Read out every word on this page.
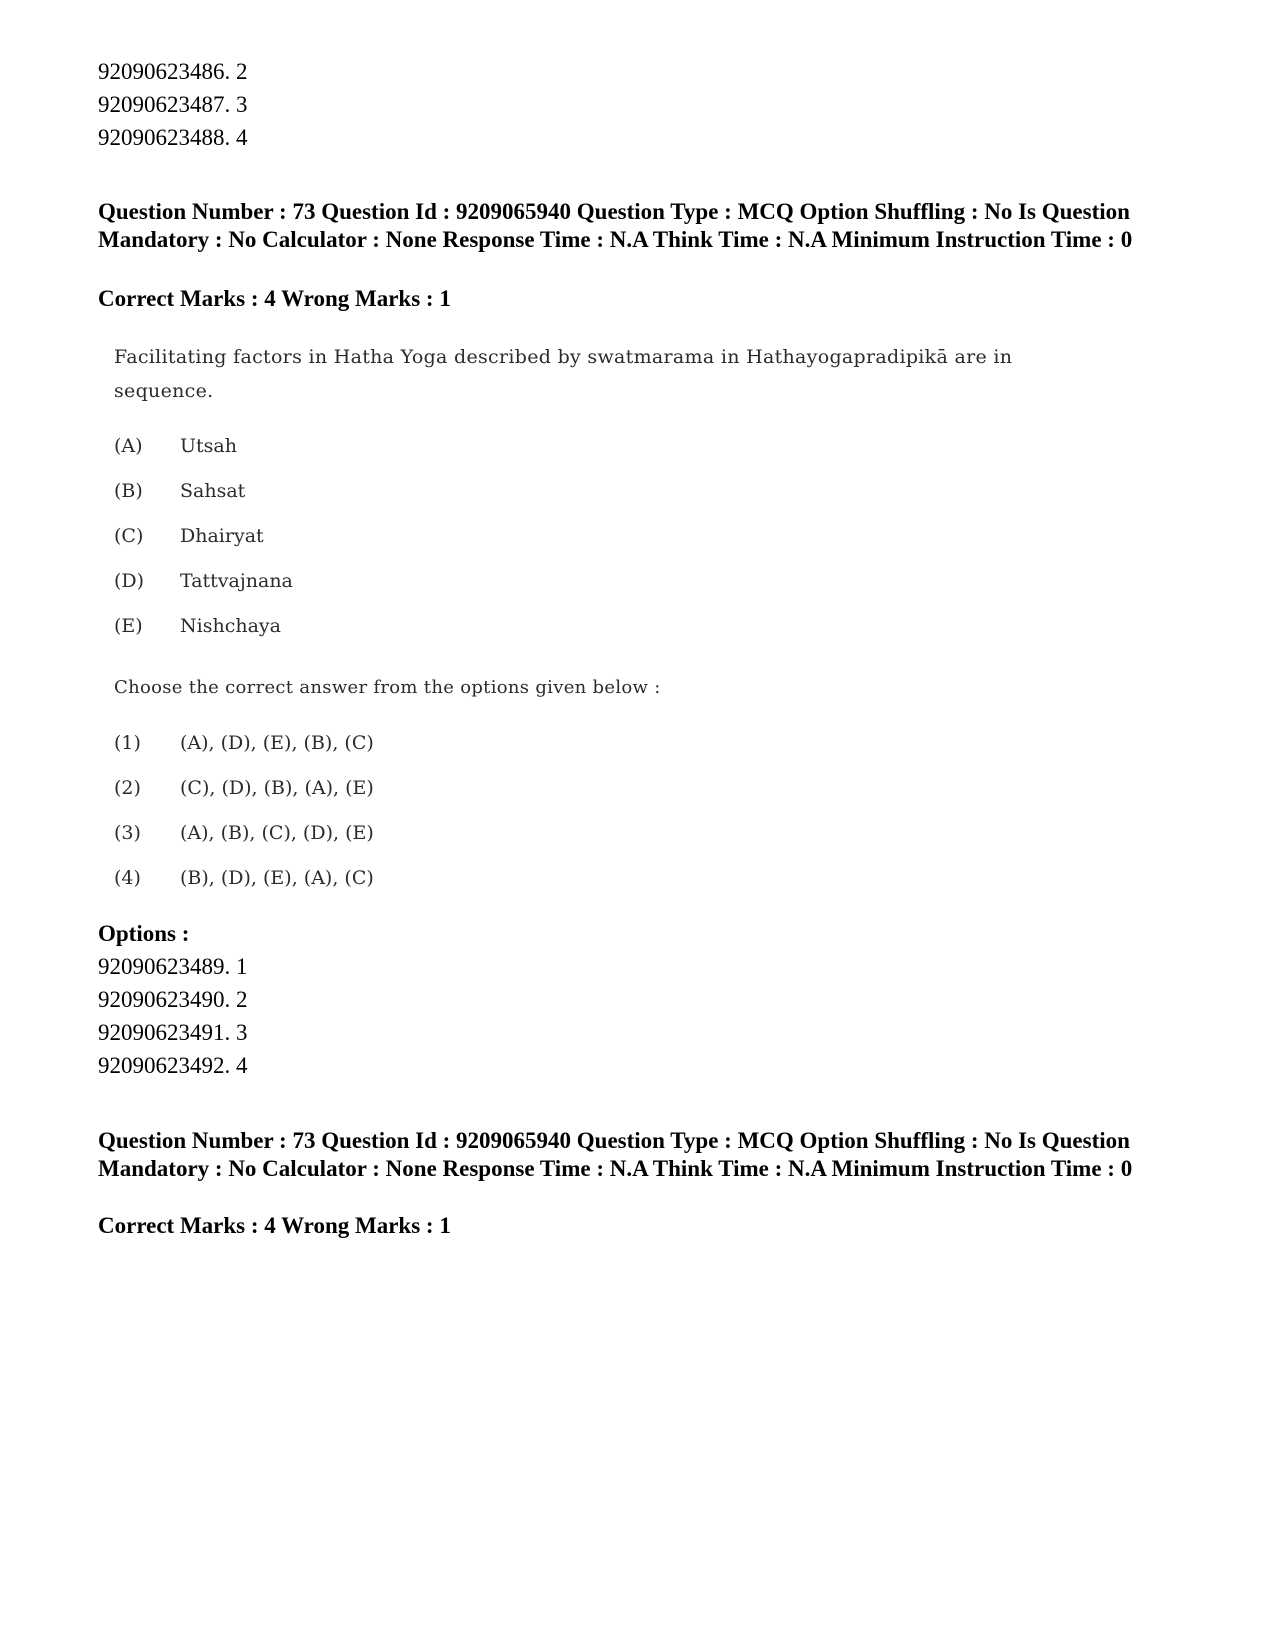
92090623486. 2
92090623487. 3
92090623488. 4
Question Number : 73 Question Id : 9209065940 Question Type : MCQ Option Shuffling : No Is Question Mandatory : No Calculator : None Response Time : N.A Think Time : N.A Minimum Instruction Time : 0
Correct Marks : 4 Wrong Marks : 1
Facilitating factors in Hatha Yoga described by swatmarama in Hathayogapradipikā are in
sequence.
(A) Utsah
(B) Sahsat
(C) Dhairyat
(D) Tattvajnana
(E) Nishchaya
Choose the correct answer from the options given below :
(1) (A), (D), (E), (B), (C)
(2) (C), (D), (B), (A), (E)
(3) (A), (B), (C), (D), (E)
(4) (B), (D), (E), (A), (C)
Options :
92090623489. 1
92090623490. 2
92090623491. 3
92090623492. 4
Question Number : 73 Question Id : 9209065940 Question Type : MCQ Option Shuffling : No Is Question Mandatory : No Calculator : None Response Time : N.A Think Time : N.A Minimum Instruction Time : 0
Correct Marks : 4 Wrong Marks : 1
